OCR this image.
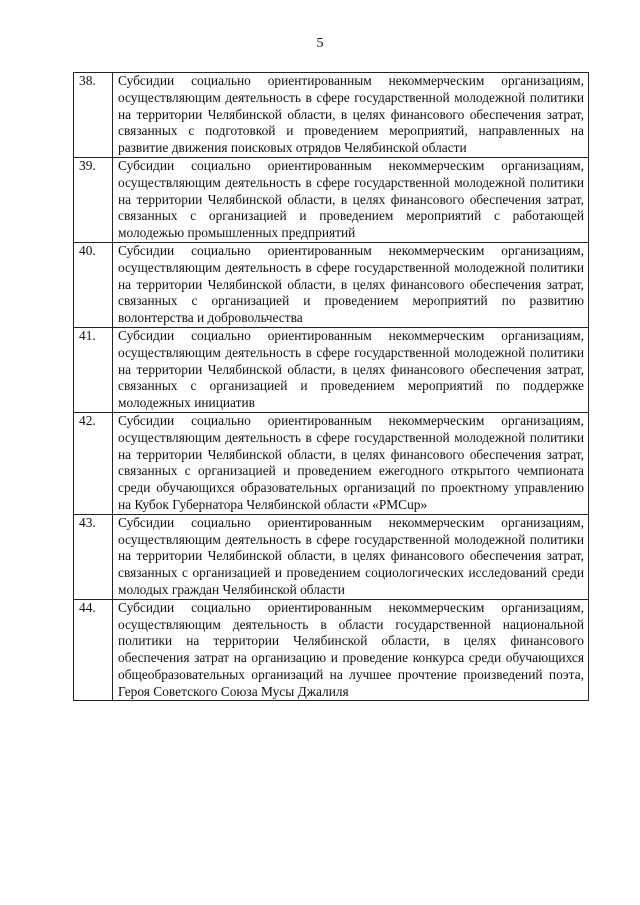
5
38.	Субсидии социально ориентированным некоммерческим организациям, осуществляющим деятельность в сфере государственной молодежной политики на территории Челябинской области, в целях финансового обеспечения затрат, связанных с подготовкой и проведением мероприятий, направленных на развитие движения поисковых отрядов Челябинской области
39.	Субсидии социально ориентированным некоммерческим организациям, осуществляющим деятельность в сфере государственной молодежной политики на территории Челябинской области, в целях финансового обеспечения затрат, связанных с организацией и проведением мероприятий с работающей молодежью промышленных предприятий
40.	Субсидии социально ориентированным некоммерческим организациям, осуществляющим деятельность в сфере государственной молодежной политики на территории Челябинской области, в целях финансового обеспечения затрат, связанных с организацией и проведением мероприятий по развитию волонтерства и добровольчества
41.	Субсидии социально ориентированным некоммерческим организациям, осуществляющим деятельность в сфере государственной молодежной политики на территории Челябинской области, в целях финансового обеспечения затрат, связанных с организацией и проведением мероприятий по поддержке молодежных инициатив
42.	Субсидии социально ориентированным некоммерческим организациям, осуществляющим деятельность в сфере государственной молодежной политики на территории Челябинской области, в целях финансового обеспечения затрат, связанных с организацией и проведением ежегодного открытого чемпионата среди обучающихся образовательных организаций по проектному управлению на Кубок Губернатора Челябинской области «PMCup»
43.	Субсидии социально ориентированным некоммерческим организациям, осуществляющим деятельность в сфере государственной молодежной политики на территории Челябинской области, в целях финансового обеспечения затрат, связанных с организацией и проведением социологических исследований среди молодых граждан Челябинской области
44.	Субсидии социально ориентированным некоммерческим организациям, осуществляющим деятельность в области государственной национальной политики на территории Челябинской области, в целях финансового обеспечения затрат на организацию и проведение конкурса среди обучающихся общеобразовательных организаций на лучшее прочтение произведений поэта, Героя Советского Союза Мусы Джалиля
